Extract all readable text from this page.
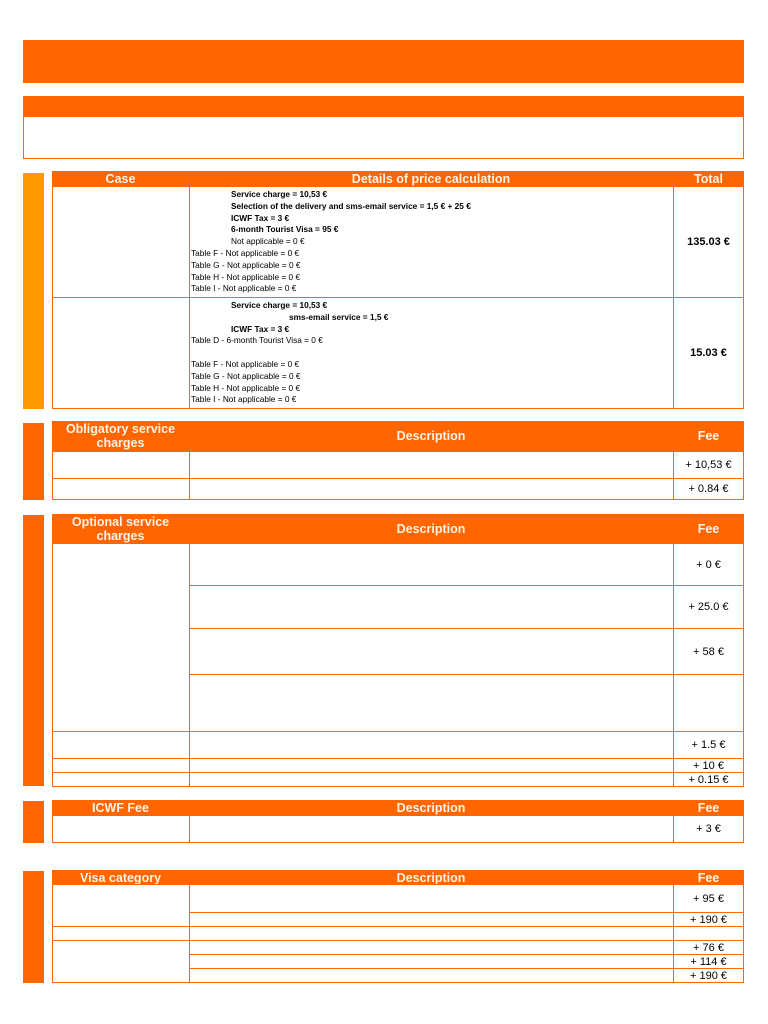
Case	Details of price calculation	Total
Service charge = 10,53 €
Selection of the delivery and sms-email service = 1,5 € + 25 €
ICWF Tax = 3 €
6-month Tourist Visa = 95 €
Not applicable = 0 €
Table F - Not applicable = 0 €
Table G - Not applicable = 0 €
Table H - Not applicable = 0 €
Table I - Not applicable = 0 €
135.03 €
Service charge = 10,53 €
sms-email service = 1,5 €
ICWF Tax = 3 €
Table D - 6-month Tourist Visa = 0 €
Table F - Not applicable = 0 €
Table G - Not applicable = 0 €
Table H - Not applicable = 0 €
Table I - Not applicable = 0 €
15.03 €
Obligatory service charges	Description	Fee
+ 10,53 €
+ 0.84 €
Optional service charges	Description	Fee
+ 0 €
+ 25.0 €
+ 58 €
+ 1.5 €
+ 10 €
+ 0.15 €
ICWF Fee	Description	Fee
+ 3 €
Visa category	Description	Fee
+ 95 €
+ 190 €
+ 76 €
+ 114 €
+ 190 €
